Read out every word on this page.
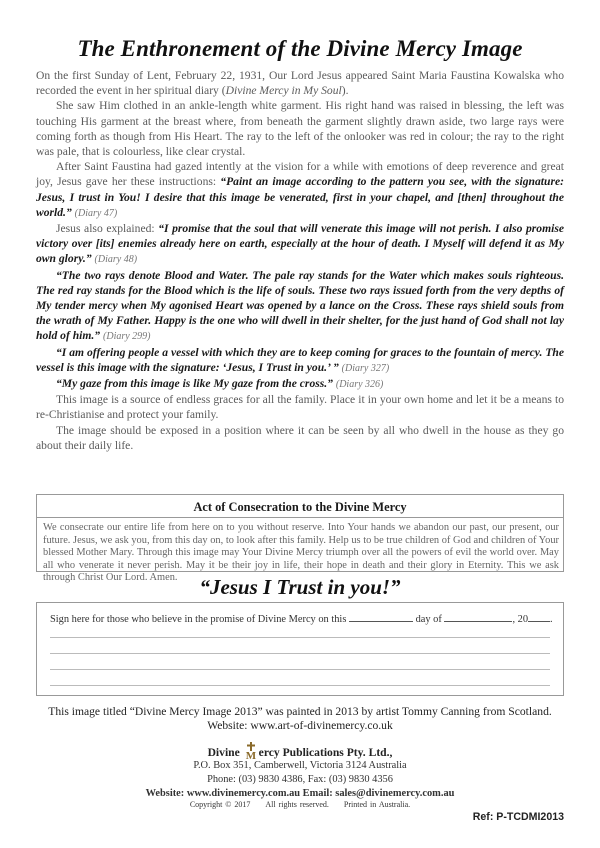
The Enthronement of the Divine Mercy Image

On the first Sunday of Lent, February 22, 1931, Our Lord Jesus appeared Saint Maria Faustina Kowalska who recorded the event in her spiritual diary (Divine Mercy in My Soul).

She saw Him clothed in an ankle-length white garment. His right hand was raised in blessing, the left was touching His garment at the breast where, from beneath the garment slightly drawn aside, two large rays were coming forth as though from His Heart. The ray to the left of the onlooker was red in colour; the ray to the right was pale, that is colourless, like clear crystal.

After Saint Faustina had gazed intently at the vision for a while with emotions of deep reverence and great joy, Jesus gave her these instructions: “Paint an image according to the pattern you see, with the signature: Jesus, I trust in You! I desire that this image be venerated, first in your chapel, and [then] throughout the world.” (Diary 47)

Jesus also explained: “I promise that the soul that will venerate this image will not perish. I also promise victory over [its] enemies already here on earth, especially at the hour of death. I Myself will defend it as My own glory.” (Diary 48)

“The two rays denote Blood and Water. The pale ray stands for the Water which makes souls righteous. The red ray stands for the Blood which is the life of souls. These two rays issued forth from the very depths of My tender mercy when My agonised Heart was opened by a lance on the Cross. These rays shield souls from the wrath of My Father. Happy is the one who will dwell in their shelter, for the just hand of God shall not lay hold of him.” (Diary 299)

“I am offering people a vessel with which they are to keep coming for graces to the fountain of mercy. The vessel is this image with the signature: ‘Jesus, I Trust in you.’ ” (Diary 327)

“My gaze from this image is like My gaze from the cross.” (Diary 326)

This image is a source of endless graces for all the family. Place it in your own home and let it be a means to re-Christianise and protect your family.

The image should be exposed in a position where it can be seen by all who dwell in the house as they go about their daily life.

Act of Consecration to the Divine Mercy
We consecrate our entire life from here on to you without reserve. Into Your hands we abandon our past, our present, our future. Jesus, we ask you, from this day on, to look after this family. Help us to be true children of God and children of Your blessed Mother Mary. Through this image may Your Divine Mercy triumph over all the powers of evil the world over. May all who venerate it never perish. May it be their joy in life, their hope in death and their glory in Eternity. This we ask through Christ Our Lord. Amen.	“Jesus I Trust in you!”
Sign here for those who believe in the promise of Divine Mercy on this	day of	, 20 .
This image titled “Divine Mercy Image 2013” was painted in 2013 by artist Tommy Canning from Scotland.
Website: www.art-of-divinemercy.co.uk
Divine M ercy Publications Pty. Ltd.,
P.O. Box 351, Camberwell, Victoria 3124 Australia
Phone: (03) 9830 4386, Fax: (03) 9830 4356
Website: www.divinemercy.com.au Email: sales@divinemercy.com.au
Copyright © 2017 All rights reserved. Printed in Australia.
Ref: P-TCDMI2013
